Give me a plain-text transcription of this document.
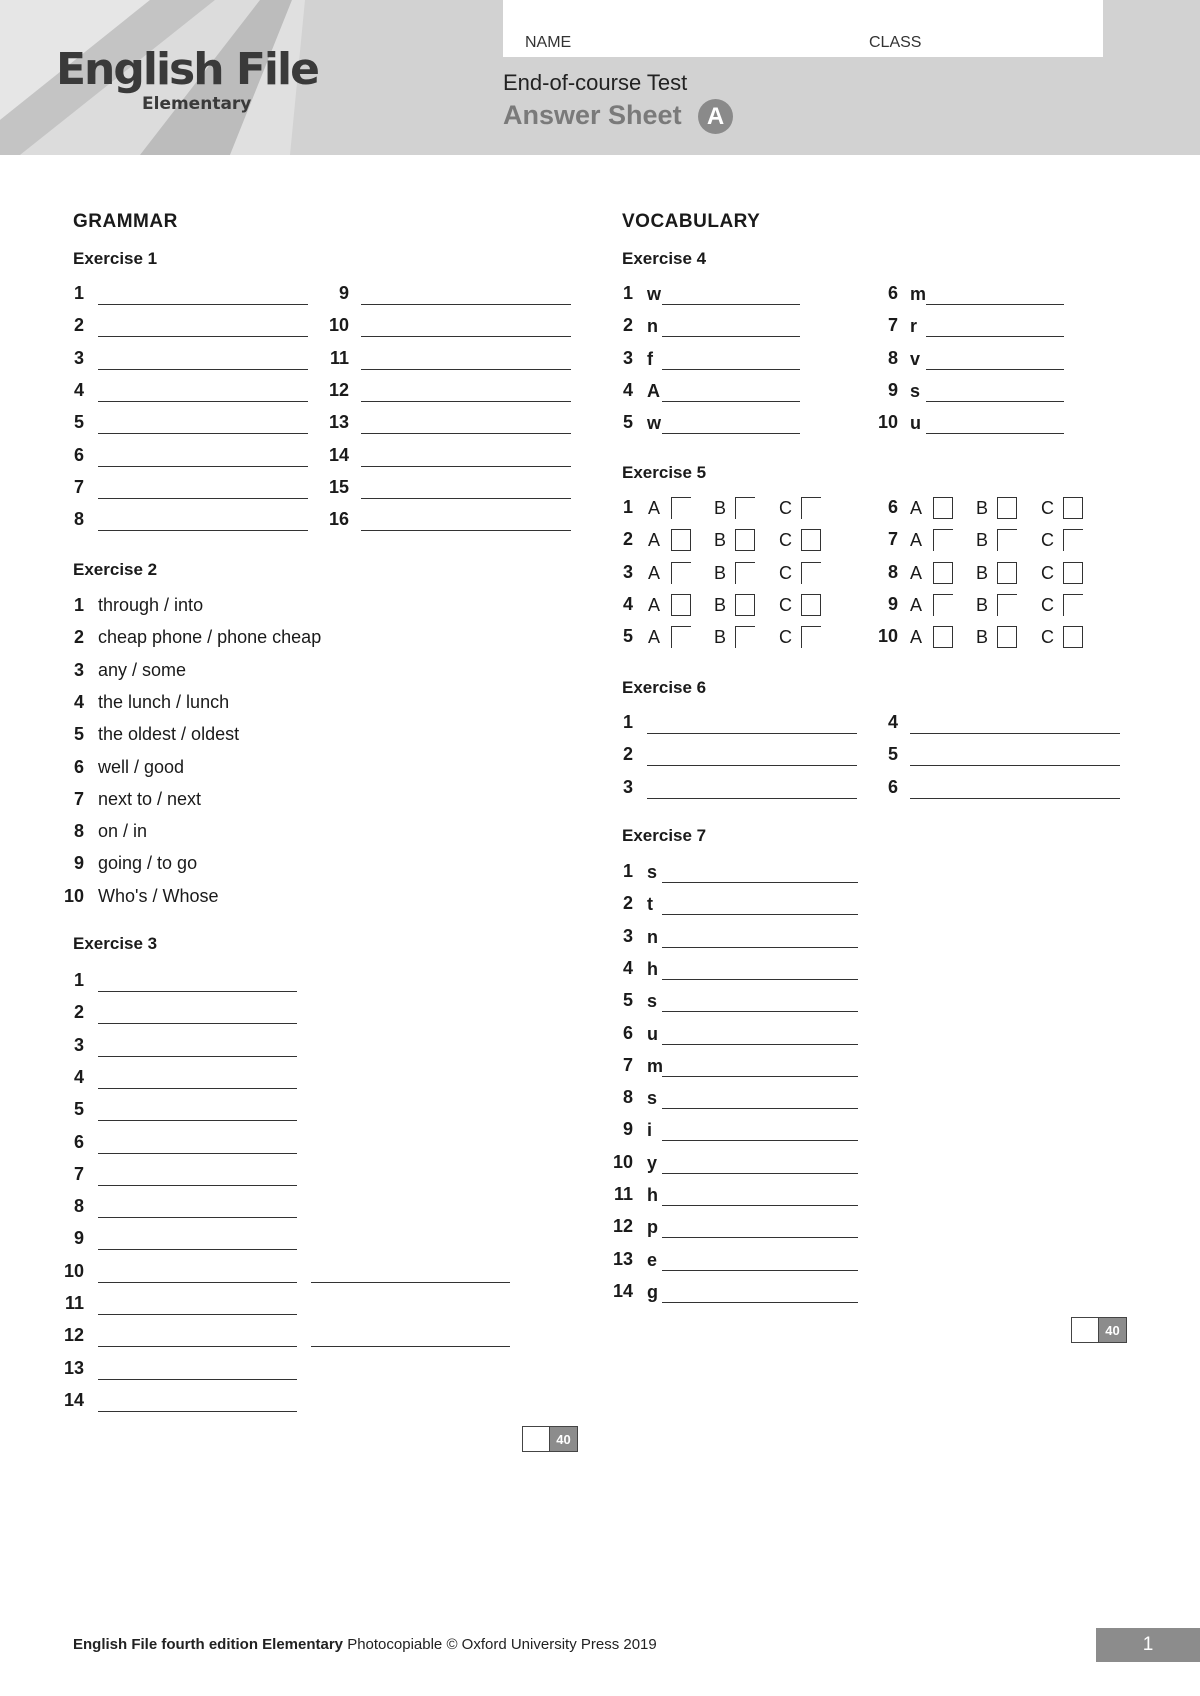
English File
Elementary
NAME	CLASS
End-of-course Test
Answer Sheet	A
GRAMMAR
Exercise 1
1
2
3
4
5
6
7
8
9
10
11
12
13
14
15
16
Exercise 2
1 through / into
2 cheap phone / phone cheap
3 any / some
4 the lunch / lunch
5 the oldest / oldest
6 well / good
7 next to / next
8 on / in
9 going / to go
10 Who's / Whose
Exercise 3
1
2
3
4
5
6
7
8
9
10
11
12
13
14
40
VOCABULARY
Exercise 4
1 w
2 n
3 f
4 A
5 w
6 m
7 r
8 v
9 s
10 u
Exercise 5
1 A	B	C
2 A	B	C
3 A	B	C
4 A	B	C
5 A	B	C
6 A	B	C
7 A	B	C
8 A	B	C
9 A	B	C
10 A	B	C
Exercise 6
1
2
3
4
5
6
Exercise 7
1 s
2 t
3 n
4 h
5 s
6 u
7 m
8 s
9 i
10 y
11 h
12 p
13 e
14 g
40
English File fourth edition Elementary Photocopiable © Oxford University Press 2019	1
